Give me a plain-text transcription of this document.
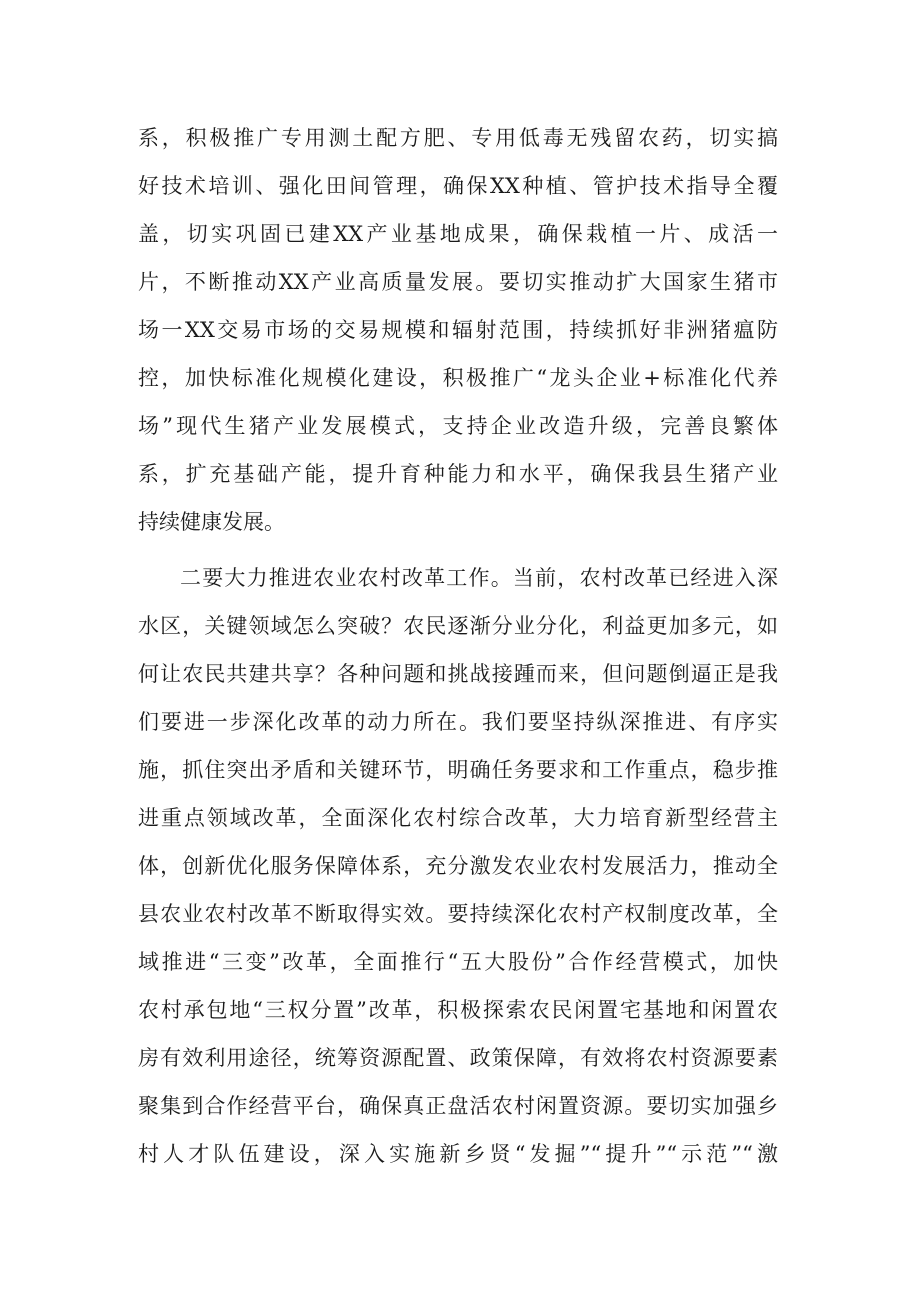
系，积极推广专用测土配方肥、专用低毒无残留农药，切实搞
好技术培训、强化田间管理，确保XX种植、管护技术指导全覆
盖，切实巩固已建XX产业基地成果，确保栽植一片、成活一
片，不断推动XX产业高质量发展。要切实推动扩大国家生猪市
场一XX交易市场的交易规模和辐射范围，持续抓好非洲猪瘟防
控，加快标准化规模化建设，积极推广“龙头企业+标准化代养
场”现代生猪产业发展模式，支持企业改造升级，完善良繁体
系，扩充基础产能，提升育种能力和水平，确保我县生猪产业
持续健康发展。
二要大力推进农业农村改革工作。当前，农村改革已经进入深
水区，关键领域怎么突破？农民逐渐分业分化，利益更加多元，如
何让农民共建共享？各种问题和挑战接踵而来，但问题倒逼正是我
们要进一步深化改革的动力所在。我们要坚持纵深推进、有序实
施，抓住突出矛盾和关键环节，明确任务要求和工作重点，稳步推
进重点领域改革，全面深化农村综合改革，大力培育新型经营主
体，创新优化服务保障体系，充分激发农业农村发展活力，推动全
县农业农村改革不断取得实效。要持续深化农村产权制度改革，全
域推进“三变”改革，全面推行“五大股份”合作经营模式，加快
农村承包地“三权分置”改革，积极探索农民闲置宅基地和闲置农
房有效利用途径，统筹资源配置、政策保障，有效将农村资源要素
聚集到合作经营平台，确保真正盘活农村闲置资源。要切实加强乡
村人才队伍建设，深入实施新乡贤“发掘”“提升”“示范”“激
